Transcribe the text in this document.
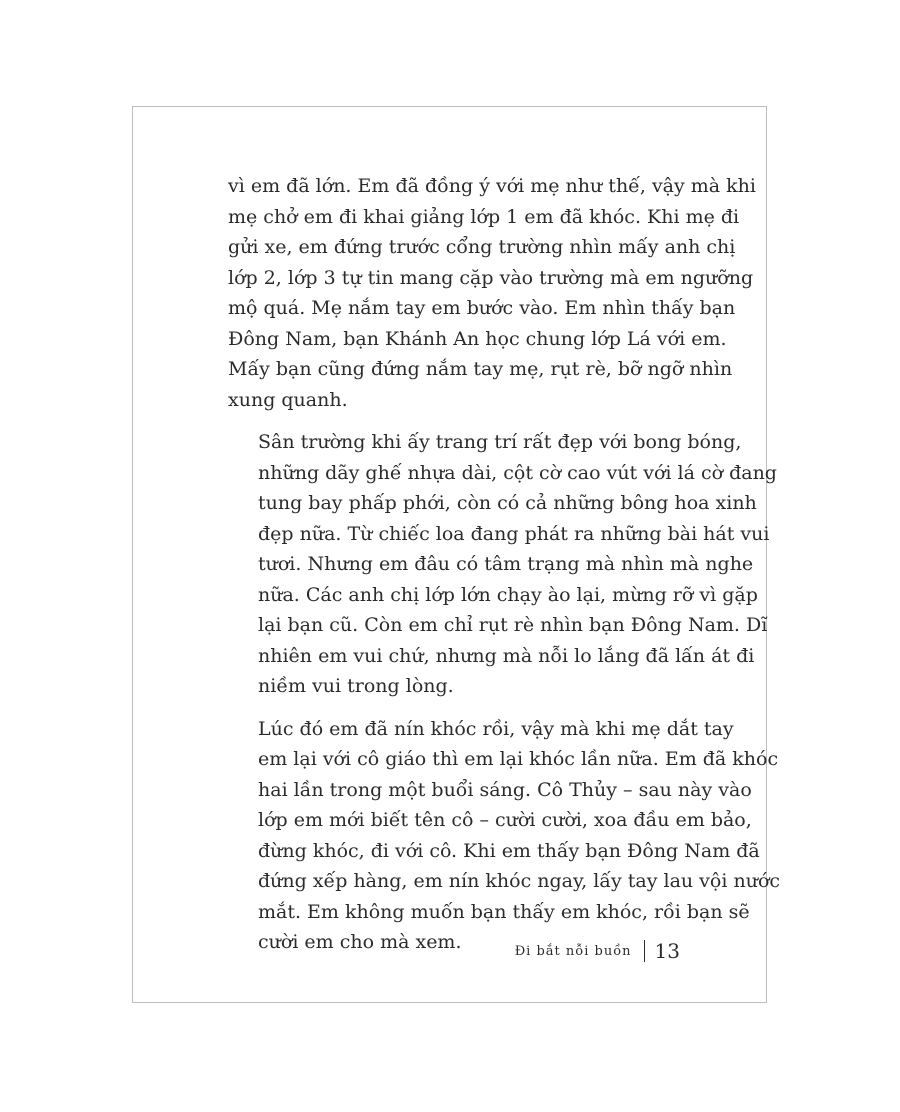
vì em đã lớn. Em đã đồng ý với mẹ như thế, vậy mà khi
mẹ chở em đi khai giảng lớp 1 em đã khóc. Khi mẹ đi
gửi xe, em đứng trước cổng trường nhìn mấy anh chị
lớp 2, lớp 3 tự tin mang cặp vào trường mà em ngưỡng
mộ quá. Mẹ nắm tay em bước vào. Em nhìn thấy bạn
Đông Nam, bạn Khánh An học chung lớp Lá với em.
Mấy bạn cũng đứng nắm tay mẹ, rụt rè, bỡ ngỡ nhìn
xung quanh.

Sân trường khi ấy trang trí rất đẹp với bong bóng,

những dãy ghế nhựa dài, cột cờ cao vút với lá cờ đang
tung bay phấp phới, còn có cả những bông hoa xinh
đẹp nữa. Từ chiếc loa đang phát ra những bài hát vui
tươi. Nhưng em đâu có tâm trạng mà nhìn mà nghe
nữa. Các anh chị lớp lớn chạy ào lại, mừng rỡ vì gặp
lại bạn cũ. Còn em chỉ rụt rè nhìn bạn Đông Nam. Dĩ
nhiên em vui chứ, nhưng mà nỗi lo lắng đã lấn át đi
niềm vui trong lòng.

Lúc đó em đã nín khóc rồi, vậy mà khi mẹ dắt tay

em lại với cô giáo thì em lại khóc lần nữa. Em đã khóc
hai lần trong một buổi sáng. Cô Thủy – sau này vào
lớp em mới biết tên cô – cười cười, xoa đầu em bảo,
đừng khóc, đi với cô. Khi em thấy bạn Đông Nam đã
đứng xếp hàng, em nín khóc ngay, lấy tay lau vội nước
mắt. Em không muốn bạn thấy em khóc, rồi bạn sẽ
cười em cho mà xem.	Đi bắt nỗi buồn 13
